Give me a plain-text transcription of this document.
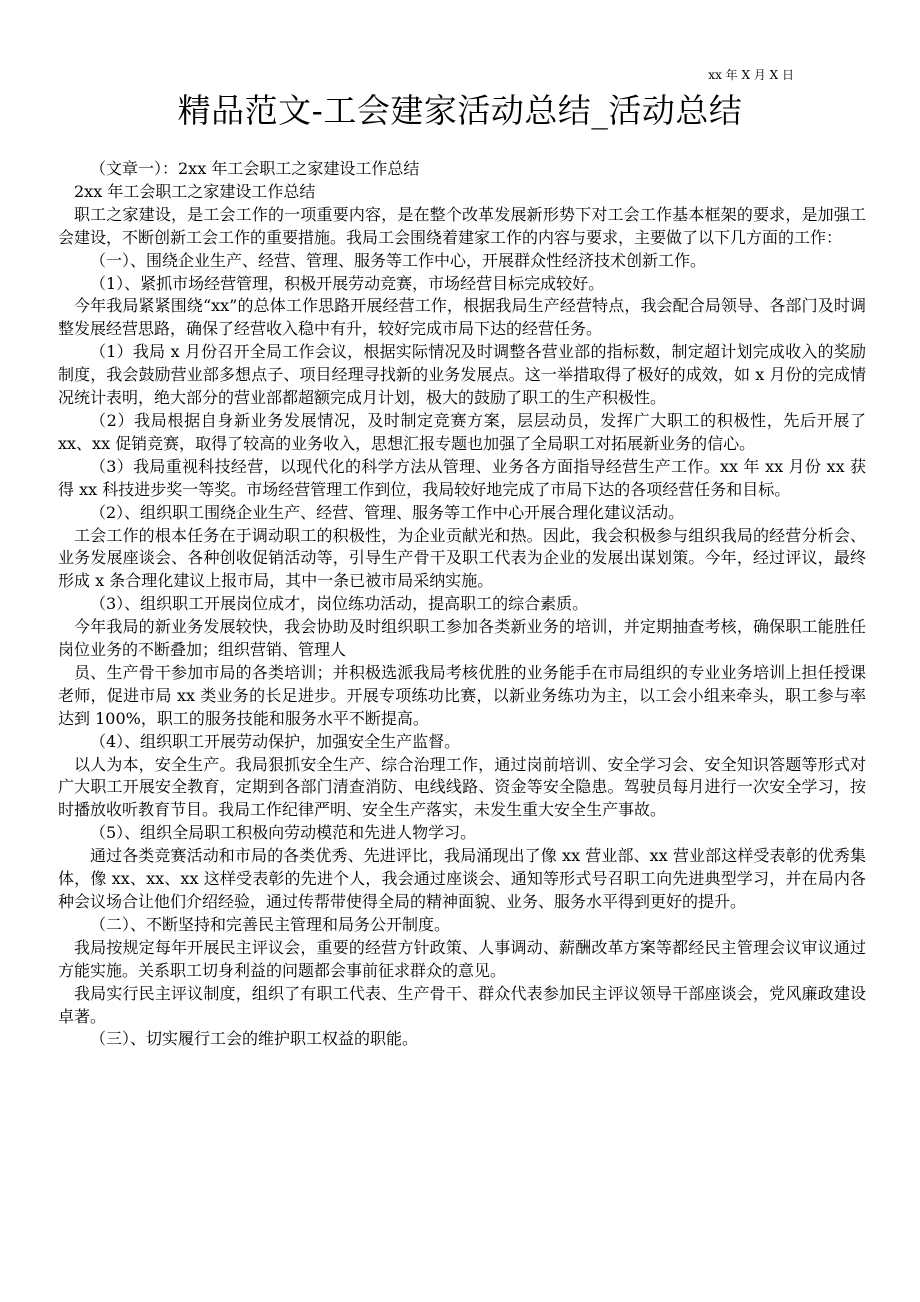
xx 年 X 月 X 日
精品范文-工会建家活动总结_活动总结

（文章一）：2xx 年工会职工之家建设工作总结

2xx 年工会职工之家建设工作总结

职工之家建设，是工会工作的一项重要内容，是在整个改革发展新形势下对工会工作基本框架的要求，是加强工会建设，不断创新工会工作的重要措施。我局工会围绕着建家工作的内容与要求，主要做了以下几方面的工作：

（一）、围绕企业生产、经营、管理、服务等工作中心，开展群众性经济技术创新工作。

（1）、紧抓市场经营管理，积极开展劳动竞赛，市场经营目标完成较好。

今年我局紧紧围绕“xx”的总体工作思路开展经营工作，根据我局生产经营特点，我会配合局领导、各部门及时调整发展经营思路，确保了经营收入稳中有升，较好完成市局下达的经营任务。

（1）我局 x 月份召开全局工作会议，根据实际情况及时调整各营业部的指标数，制定超计划完成收入的奖励制度，我会鼓励营业部多想点子、项目经理寻找新的业务发展点。这一举措取得了极好的成效，如 x 月份的完成情况统计表明，绝大部分的营业部都超额完成月计划，极大的鼓励了职工的生产积极性。

（2）我局根据自身新业务发展情况，及时制定竞赛方案，层层动员，发挥广大职工的积极性，先后开展了 xx、xx 促销竞赛，取得了较高的业务收入，思想汇报专题也加强了全局职工对拓展新业务的信心。

（3）我局重视科技经营，以现代化的科学方法从管理、业务各方面指导经营生产工作。xx 年 xx 月份 xx 获得 xx 科技进步奖一等奖。市场经营管理工作到位，我局较好地完成了市局下达的各项经营任务和目标。

（2）、组织职工围绕企业生产、经营、管理、服务等工作中心开展合理化建议活动。

工会工作的根本任务在于调动职工的积极性，为企业贡献光和热。因此，我会积极参与组织我局的经营分析会、业务发展座谈会、各种创收促销活动等，引导生产骨干及职工代表为企业的发展出谋划策。今年，经过评议，最终形成 x 条合理化建议上报市局，其中一条已被市局采纳实施。

（3）、组织职工开展岗位成才，岗位练功活动，提高职工的综合素质。

今年我局的新业务发展较快，我会协助及时组织职工参加各类新业务的培训，并定期抽查考核，确保职工能胜任岗位业务的不断叠加；组织营销、管理人

员、生产骨干参加市局的各类培训；并积极选派我局考核优胜的业务能手在市局组织的专业业务培训上担任授课老师，促进市局 xx 类业务的长足进步。开展专项练功比赛，以新业务练功为主，以工会小组来牵头，职工参与率达到 100%，职工的服务技能和服务水平不断提高。

（4）、组织职工开展劳动保护，加强安全生产监督。

以人为本，安全生产。我局狠抓安全生产、综合治理工作，通过岗前培训、安全学习会、安全知识答题等形式对广大职工开展安全教育，定期到各部门清查消防、电线线路、资金等安全隐患。驾驶员每月进行一次安全学习，按时播放收听教育节目。我局工作纪律严明、安全生产落实，未发生重大安全生产事故。

（5）、组织全局职工积极向劳动模范和先进人物学习。

通过各类竞赛活动和市局的各类优秀、先进评比，我局涌现出了像 xx 营业部、xx 营业部这样受表彰的优秀集体，像 xx、xx、xx 这样受表彰的先进个人，我会通过座谈会、通知等形式号召职工向先进典型学习，并在局内各种会议场合让他们介绍经验，通过传帮带使得全局的精神面貌、业务、服务水平得到更好的提升。

（二）、不断坚持和完善民主管理和局务公开制度。

我局按规定每年开展民主评议会，重要的经营方针政策、人事调动、薪酬改革方案等都经民主管理会议审议通过方能实施。关系职工切身利益的问题都会事前征求群众的意见。

我局实行民主评议制度，组织了有职工代表、生产骨干、群众代表参加民主评议领导干部座谈会，党风廉政建设卓著。

（三）、切实履行工会的维护职工权益的职能。
